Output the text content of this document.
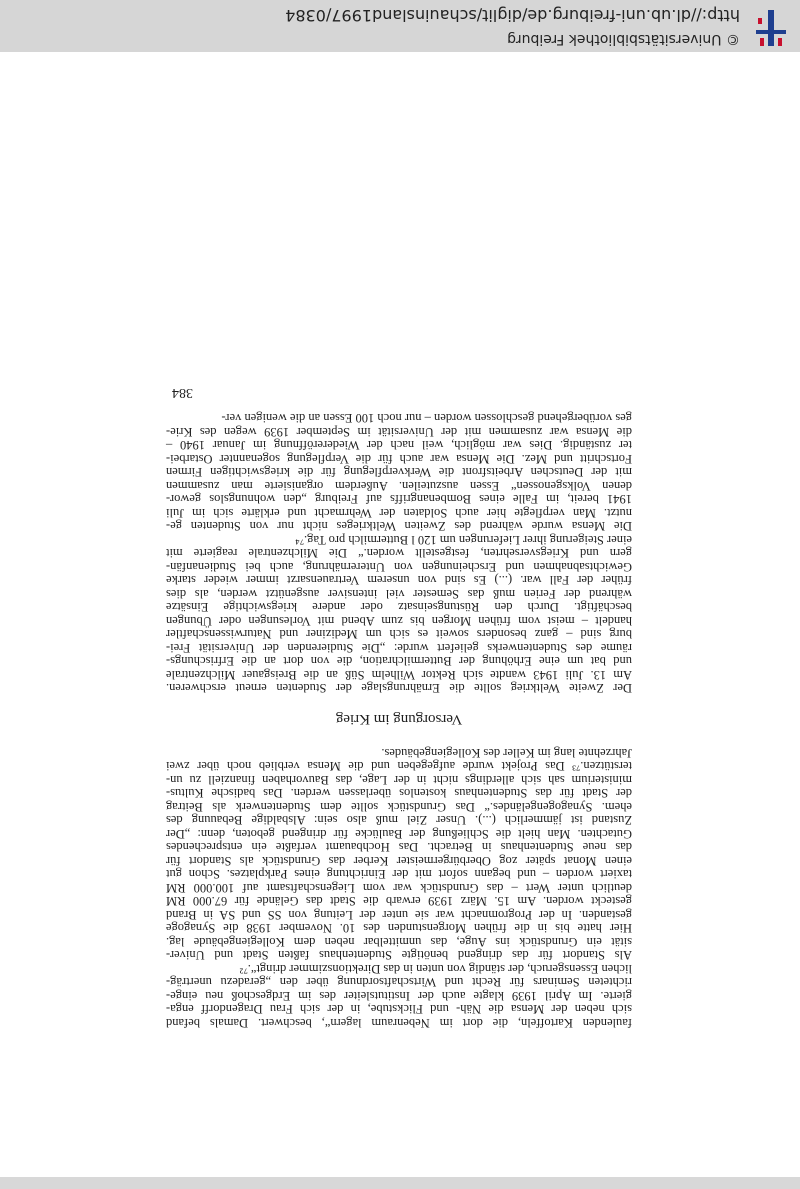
faulenden Kartoffeln, die dort im Nebenraum lagern“, beschwert. Damals befand

sich neben der Mensa die Näh- und Flickstube, in der sich Frau Dragendorff enga-

gierte. Im April 1939 klagte auch der Institutsleiter des im Erdgeschoß neu einge-

richteten Seminars für Recht und Wirtschaftsordnung über den „geradezu unerträg-

lichen Essensgeruch, der ständig von unten in das Direktionszimmer dringt“.⁷²

Als Standort für das dringend benötigte Studentenhaus faßten Stadt und Univer-

sität ein Grundstück ins Auge, das unmittelbar neben dem Kollegiengebäude lag.

Hier hatte bis in die frühen Morgenstunden des 10. November 1938 die Synagoge

gestanden. In der Progromnacht war sie unter der Leitung von SS und SA in Brand

gesteckt worden. Am 15. März 1939 erwarb die Stadt das Gelände für 67.000 RM

deutlich unter Wert – das Grundstück war vom Liegenschaftsamt auf 100.000 RM

taxiert worden – und begann sofort mit der Einrichtung eines Parkplatzes. Schon gut

einen Monat später zog Oberbürgermeister Kerber das Grundstück als Standort für

das neue Studentenhaus in Betracht. Das Hochbauamt verfaßte ein entsprechendes

Gutachten. Man hielt die Schließung der Baulücke für dringend geboten, denn: „Der

Zustand ist jämmerlich (...). Unser Ziel muß also sein: Alsbaldige Bebauung des

ehem. Synagogengeländes.“ Das Grundstück sollte dem Studentenwerk als Beitrag

der Stadt für das Studentenhaus kostenlos überlassen werden. Das badische Kultus-

ministerium sah sich allerdings nicht in der Lage, das Bauvorhaben finanziell zu un-

terstützen.⁷³ Das Projekt wurde aufgegeben und die Mensa verblieb noch über zwei

Jahrzehnte lang im Keller des Kollegiengebäudes.

Versorgung im Krieg

Der Zweite Weltkrieg sollte die Ernährungslage der Studenten erneut erschweren.

Am 13. Juli 1943 wandte sich Rektor Wilhelm Süß an die Breisgauer Milchzentrale

und bat um eine Erhöhung der Buttermilchration, die von dort an die Erfrischungs-

räume des Studentenwerks geliefert wurde: „Die Studierenden der Universität Frei-

burg sind – ganz besonders soweit es sich um Mediziner und Naturwissenschaftler

handelt – meist vom frühen Morgen bis zum Abend mit Vorlesungen oder Übungen

beschäftigt. Durch den Rüstungseinsatz oder andere kriegswichtige Einsätze

während der Ferien muß das Semester viel intensiver ausgenützt werden, als dies

früher der Fall war. (...) Es sind von unserem Vertrauensarzt immer wieder starke

Gewichtsabnahmen und Erscheinungen von Unterernährung, auch bei Studienanfän-

gern und Kriegsversehrten, festgestellt worden.“ Die Milchzentrale reagierte mit

einer Steigerung ihrer Lieferungen um 120 l Buttermilch pro Tag.⁷⁴

Die Mensa wurde während des Zweiten Weltkrieges nicht nur von Studenten ge-

nutzt. Man verpflegte hier auch Soldaten der Wehrmacht und erklärte sich im Juli

1941 bereit, im Falle eines Bombenangriffs auf Freiburg „den wohnungslos gewor-

denen Volksgenossen“ Essen auszuteilen. Außerdem organisierte man zusammen

mit der Deutschen Arbeitsfront die Werkverpflegung für die kriegswichtigen Firmen

Fortschritt und Mez. Die Mensa war auch für die Verpflegung sogenannter Ostarbei-

ter zuständig. Dies war möglich, weil nach der Wiedereröffnung im Januar 1940 –

die Mensa war zusammen mit der Universität im September 1939 wegen des Krie-

ges vorübergehend geschlossen worden – nur noch 100 Essen an die wenigen ver-

384
© Universitätsbibliothek Freiburg
http://dl.ub.uni-freiburg.de/diglit/schauinsland1997/0384
